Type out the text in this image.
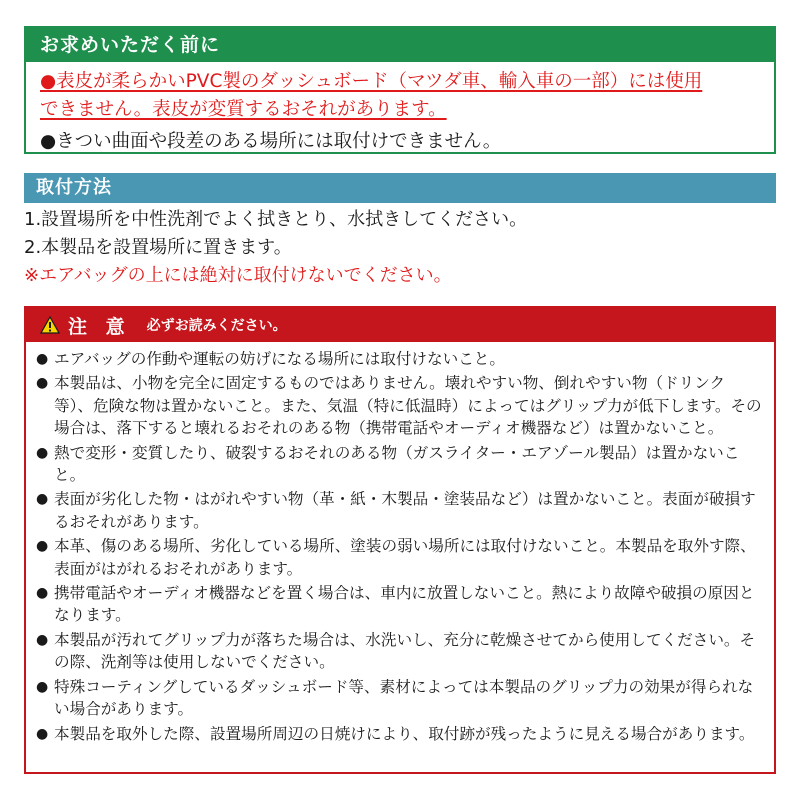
お求めいただく前に
●表皮が柔らかいPVC製のダッシュボード（マツダ車、輸入車の一部）には使用
できません。表皮が変質するおそれがあります。
●きつい曲面や段差のある場所には取付けできません。
取付方法
1.設置場所を中性洗剤でよく拭きとり、水拭きしてください。
2.本製品を設置場所に置きます。
※エアバッグの上には絶対に取付けないでください。
注 意 必ずお読みください。
● エアバッグの作動や運転の妨げになる場所には取付けないこと。
● 本製品は、小物を完全に固定するものではありません。壊れやすい物、倒れやすい物（ドリンク等）、危険な物は置かないこと。また、気温（特に低温時）によってはグリップ力が低下します。その場合は、落下すると壊れるおそれのある物（携帯電話やオーディオ機器など）は置かないこと。
● 熱で変形・変質したり、破裂するおそれのある物（ガスライター・エアゾール製品）は置かないこと。
● 表面が劣化した物・はがれやすい物（革・紙・木製品・塗装品など）は置かないこと。表面が破損するおそれがあります。
● 本革、傷のある場所、劣化している場所、塗装の弱い場所には取付けないこと。本製品を取外す際、表面がはがれるおそれがあります。
● 携帯電話やオーディオ機器などを置く場合は、車内に放置しないこと。熱により故障や破損の原因となります。
● 本製品が汚れてグリップ力が落ちた場合は、水洗いし、充分に乾燥させてから使用してください。その際、洗剤等は使用しないでください。
● 特殊コーティングしているダッシュボード等、素材によっては本製品のグリップ力の効果が得られない場合があります。
● 本製品を取外した際、設置場所周辺の日焼けにより、取付跡が残ったように見える場合があります。
